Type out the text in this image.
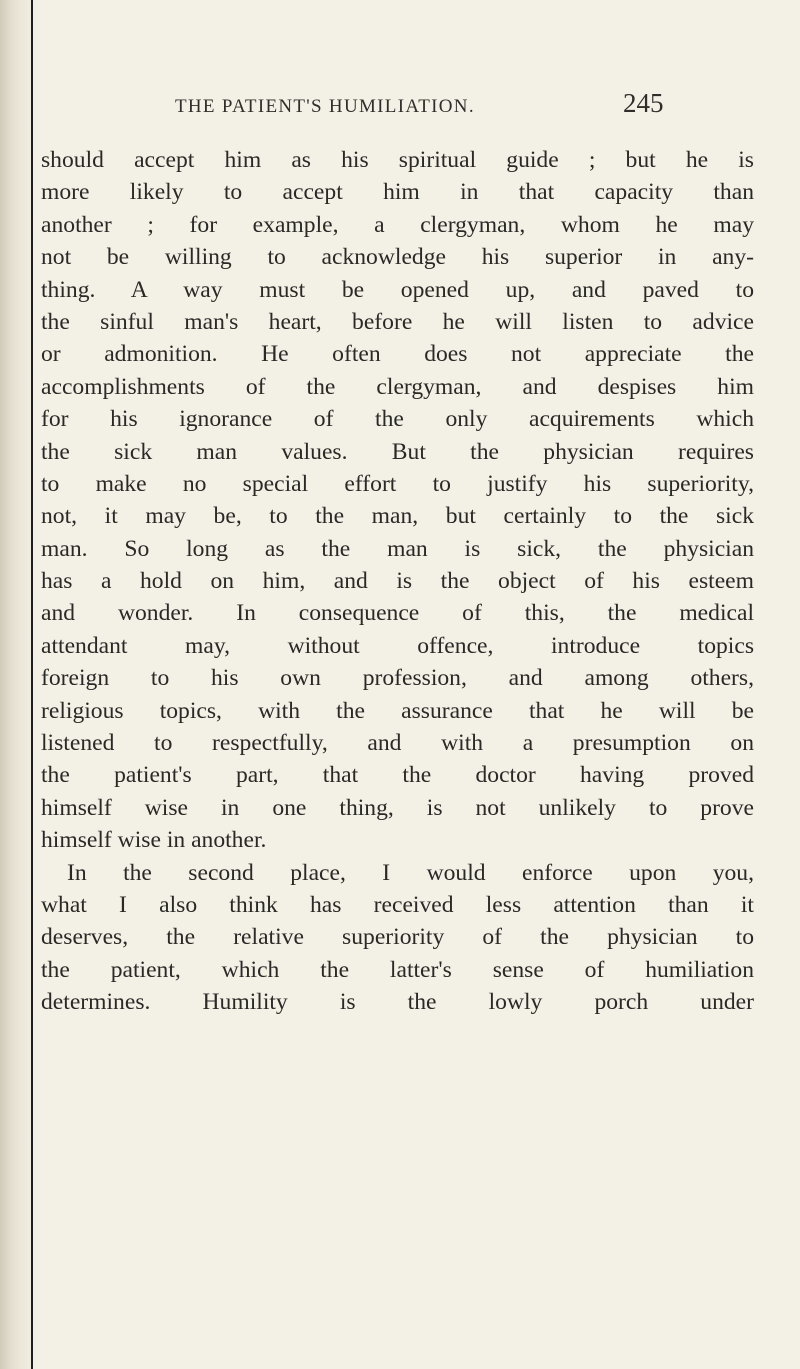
THE PATIENT'S HUMILIATION.	245
should accept him as his spiritual guide ; but he is
more likely to accept him in that capacity than
another ; for example, a clergyman, whom he may
not be willing to acknowledge his superior in any-
thing. A way must be opened up, and paved to
the sinful man's heart, before he will listen to advice
or admonition. He often does not appreciate the
accomplishments of the clergyman, and despises him
for his ignorance of the only acquirements which
the sick man values. But the physician requires
to make no special effort to justify his superiority,
not, it may be, to the man, but certainly to the sick
man. So long as the man is sick, the physician
has a hold on him, and is the object of his esteem
and wonder. In consequence of this, the medical
attendant may, without offence, introduce topics
foreign to his own profession, and among others,
religious topics, with the assurance that he will be
listened to respectfully, and with a presumption on
the patient's part, that the doctor having proved
himself wise in one thing, is not unlikely to prove
himself wise in another.
In the second place, I would enforce upon you,
what I also think has received less attention than it
deserves, the relative superiority of the physician to
the patient, which the latter's sense of humiliation
determines. Humility is the lowly porch under
